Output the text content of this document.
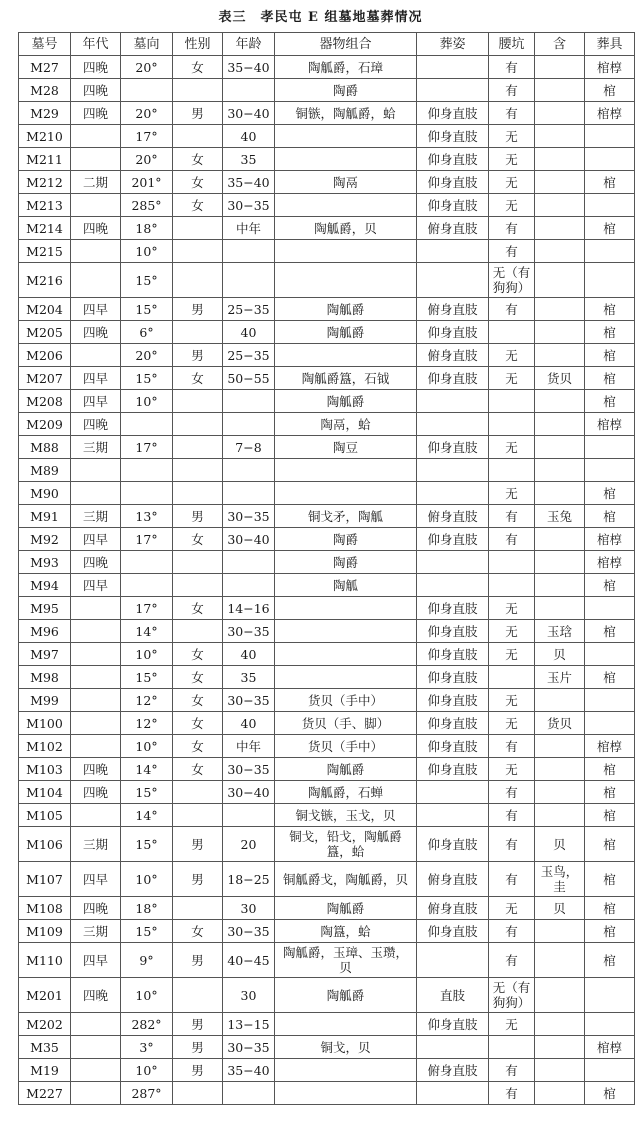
表三　孝民屯 E 组墓地墓葬情况
墓号	年代	墓向	性别	年龄	器物组合	葬姿	腰坑	含	葬具
M27	四晚	20°	女	35−40	陶觚爵，石璋		有		棺椁
M28	四晚				陶爵		有		棺
M29	四晚	20°	男	30−40	铜镞，陶觚爵，蛤	仰身直肢	有		棺椁
M210		17°		40		仰身直肢	无		
M211		20°	女	35		仰身直肢	无		
M212	二期	201°	女	35−40	陶鬲	仰身直肢	无		棺
M213		285°	女	30−35		仰身直肢	无		
M214	四晚	18°		中年	陶觚爵，贝	俯身直肢	有		棺
M215		10°					有		
M216		15°					无（有狗狗）		
M204	四早	15°	男	25−35	陶觚爵	俯身直肢	有		棺
M205	四晚	6°		40	陶觚爵	仰身直肢			棺
M206		20°	男	25−35		俯身直肢	无		棺
M207	四早	15°	女	50−55	陶觚爵簋，石钺	仰身直肢	无	货贝	棺
M208	四早	10°			陶觚爵				棺
M209	四晚				陶鬲，蛤				棺椁
M88	三期	17°		7−8	陶豆	仰身直肢	无		
M89									
M90							无		棺
M91	三期	13°	男	30−35	铜戈矛，陶觚	俯身直肢	有	玉兔	棺
M92	四早	17°	女	30−40	陶爵	仰身直肢	有		棺椁
M93	四晚				陶爵				棺椁
M94	四早				陶觚				棺
M95		17°	女	14−16		仰身直肢	无		
M96		14°		30−35		仰身直肢	无	玉琀	棺
M97		10°	女	40		仰身直肢	无	贝	
M98		15°	女	35		仰身直肢		玉片	棺
M99		12°	女	30−35	货贝（手中）	仰身直肢	无		
M100		12°	女	40	货贝（手、脚）	仰身直肢	无	货贝	
M102		10°	女	中年	货贝（手中）	仰身直肢	有		棺椁
M103	四晚	14°	女	30−35	陶觚爵	仰身直肢	无		棺
M104	四晚	15°		30−40	陶觚爵，石蝉		有		棺
M105		14°			铜戈镞，玉戈，贝		有		棺
M106	三期	15°	男	20	铜戈，铅戈，陶觚爵簋，蛤	仰身直肢	有	贝	棺
M107	四早	10°	男	18−25	铜觚爵戈，陶觚爵，贝	俯身直肢	有	玉鸟，圭	棺
M108	四晚	18°		30	陶觚爵	俯身直肢	无	贝	棺
M109	三期	15°	女	30−35	陶簋，蛤	仰身直肢	有		棺
M110	四早	9°	男	40−45	陶觚爵，玉璋、玉瓒，贝		有		棺
M201	四晚	10°		30	陶觚爵	直肢	无（有狗狗）		
M202		282°	男	13−15		仰身直肢	无		
M35		3°	男	30−35	铜戈，贝				棺椁
M19		10°	男	35−40		俯身直肢	有		
M227		287°					有		棺
